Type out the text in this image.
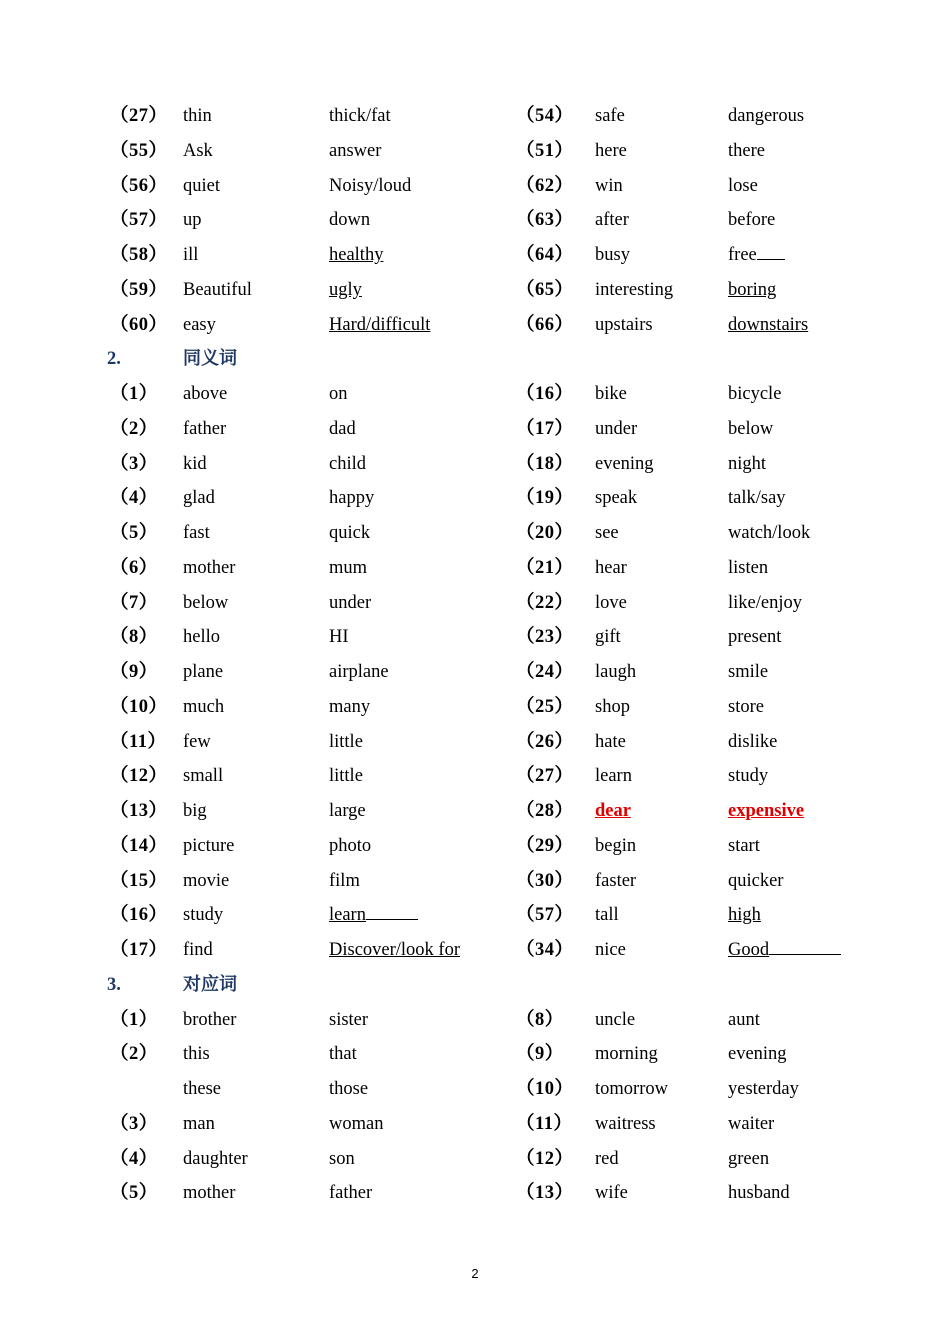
（27） thin	thick/fat	（54） safe	dangerous
（55） Ask	answer	（51） here	there
（56） quiet	Noisy/loud	（62） win	lose
（57） up	down	（63） after	before
（58） ill	healthy	（64） busy	free
（59） Beautiful	ugly	（65） interesting	boring
（60） easy	Hard/difficult	（66） upstairs	downstairs
2.	同义词
（1） above	on	（16） bike	bicycle
（2） father	dad	（17） under	below
（3） kid	child	（18） evening	night
（4） glad	happy	（19） speak	talk/say
（5） fast	quick	（20） see	watch/look
（6） mother	mum	（21） hear	listen
（7） below	under	（22） love	like/enjoy
（8） hello	HI	（23） gift	present
（9） plane	airplane	（24） laugh	smile
（10） much	many	（25） shop	store
（11） few	little	（26） hate	dislike
（12） small	little	（27） learn	study
（13） big	large	（28） dear	expensive
（14） picture	photo	（29） begin	start
（15） movie	film	（30） faster	quicker
（16） study	learn	（57） tall	high
（17） find	Discover/look for	（34） nice	Good
3.	对应词
（1） brother	sister	（8） uncle	aunt
（2） this	that	（9） morning	evening
these	those	（10） tomorrow	yesterday
（3） man	woman	（11） waitress	waiter
（4） daughter	son	（12） red	green
（5） mother	father	（13） wife	husband
2
